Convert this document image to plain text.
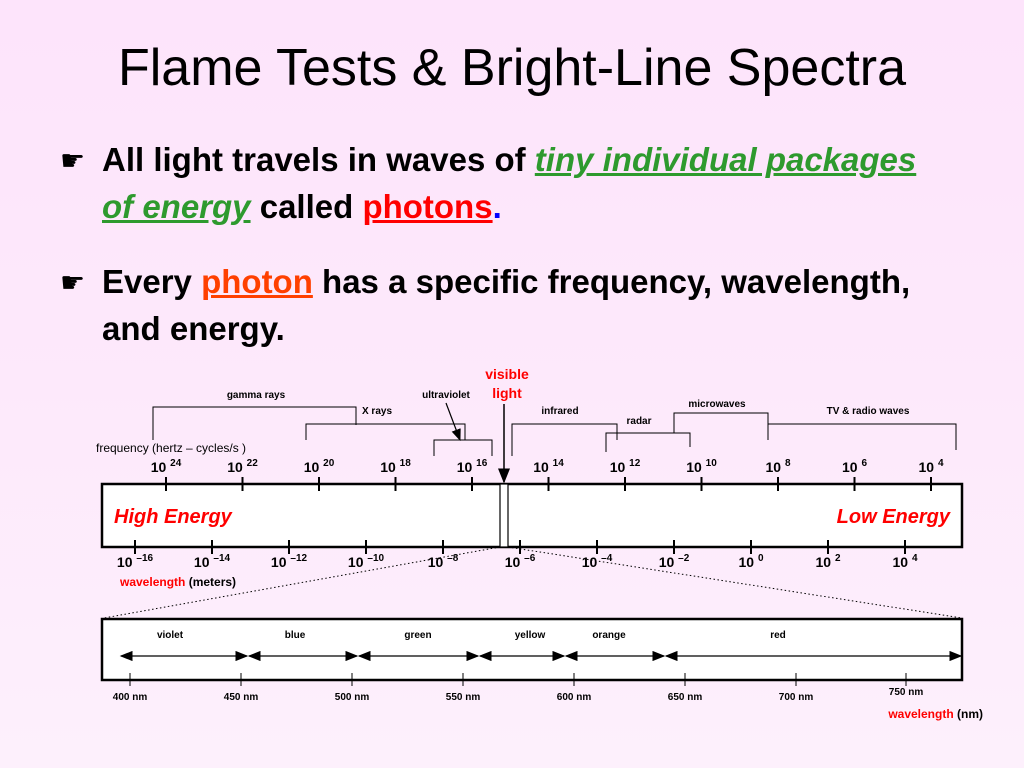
Flame Tests & Bright-Line Spectra
☛ All light travels in waves of tiny individual packages of energy called photons.
☛ Every photon has a specific frequency, wavelength, and energy.
visible
light
gamma rays
X rays
ultraviolet
infrared
radar
microwaves
TV & radio waves
frequency (hertz – cycles/s )
10 $^{24}$	10 $^{22}$	10 $^{20}$	10 $^{18}$	10 $^{16}$	10 $^{14}$	10 $^{12}$	10 $^{10}$	10 $^8$	10 $^6$	10 $^4$
High Energy	Low Energy
10 $^{-16}$	10 $^{-14}$	10 $^{-12}$	10 $^{-10}$	10 $^{-8}$	10 $^{-6}$	10 $^{-4}$	10 $^{-2}$	10 $^0$	10 $^2$	10 $^4$
wavelength (meters)
violet	blue	green	yellow	orange	red
400 nm	450 nm	500 nm	550 nm	600 nm	650 nm	700 nm	750 nm
wavelength (nm)
